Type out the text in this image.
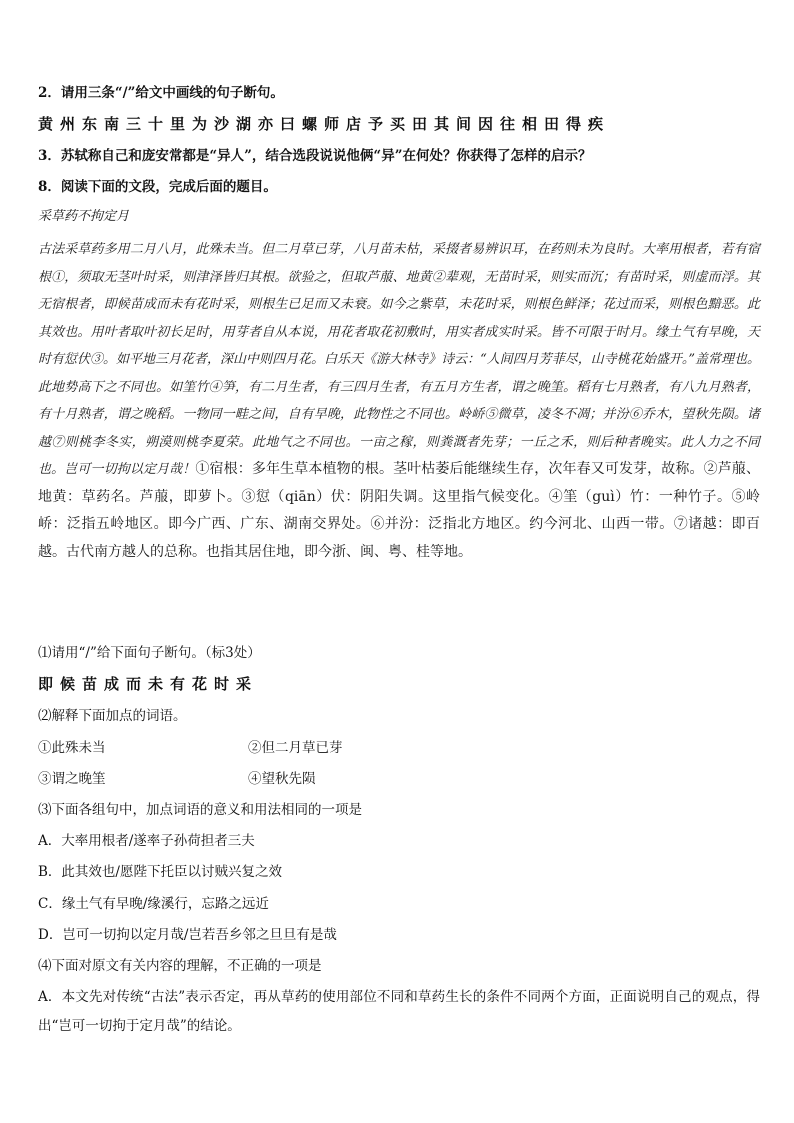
2．请用三条“/”给文中画线的句子断句。
黄州东南三十里为沙湖亦曰螺师店予买田其间因往相田得疾
3．苏轼称自己和庞安常都是“异人”，结合选段说说他俩“异”在何处？你获得了怎样的启示？
8．阅读下面的文段，完成后面的题目。
采草药不拘定月
古法采草药多用二月八月，此殊未当。但二月草已芽，八月苗未枯，采掇者易辨识耳，在药则未为良时。大率用根者，若有宿根①，须取无茎叶时采，则津泽皆归其根。欲验之，但取芦菔、地黄②辈观，无苗时采，则实而沉；有苗时采，则虚而浮。其无宿根者，即候苗成而未有花时采，则根生已足而又未衰。如今之紫草，未花时采，则根色鲜泽；花过而采，则根色黯恶。此其效也。用叶者取叶初长足时，用芽者自从本说，用花者取花初敷时，用实者成实时采。皆不可限于时月。缘土气有早晚，天时有愆伏③。如平地三月花者，深山中则四月花。白乐天《游大林寺》诗云：“人间四月芳菲尽，山寺桃花始盛开。”盖常理也。此地势高下之不同也。如筀竹④笋，有二月生者，有三四月生者，有五月方生者，谓之晚筀。稻有七月熟者，有八九月熟者，有十月熟者，谓之晚稻。一物同一畦之间，自有早晚，此物性之不同也。岭峤⑤微草，凌冬不凋；并汾⑥乔木，望秋先陨。诸越⑦则桃李冬实，朔漠则桃李夏荣。此地气之不同也。一亩之稼，则粪溉者先芽；一丘之禾，则后种者晚实。此人力之不同也。岂可一切拘以定月哉！①宿根：多年生草本植物的根。茎叶枯萎后能继续生存，次年春又可发芽，故称。②芦菔、地黄：草药名。芦菔，即萝卜。③愆（qiān）伏：阴阳失调。这里指气候变化。④筀（guì）竹：一种竹子。⑤岭峤：泛指五岭地区。即今广西、广东、湖南交界处。⑥并汾：泛指北方地区。约今河北、山西一带。⑦诸越：即百越。古代南方越人的总称。也指其居住地，即今浙、闽、粤、桂等地。
⑴请用“/”给下面句子断句。（标3处）
即候苗成而未有花时采
⑵解释下面加点的词语。
①此殊未当	②但二月草已芽
③谓之晚筀	④望秋先陨
⑶下面各组句中，加点词语的意义和用法相同的一项是
A．大率用根者/遂率子孙荷担者三夫
B．此其效也/愿陛下托臣以讨贼兴复之效
C．缘土气有早晚/缘溪行，忘路之远近
D．岂可一切拘以定月哉/岂若吾乡邻之旦旦有是哉
⑷下面对原文有关内容的理解，不正确的一项是
A．本文先对传统“古法”表示否定，再从草药的使用部位不同和草药生长的条件不同两个方面，正面说明自己的观点，得出“岂可一切拘于定月哉”的结论。
